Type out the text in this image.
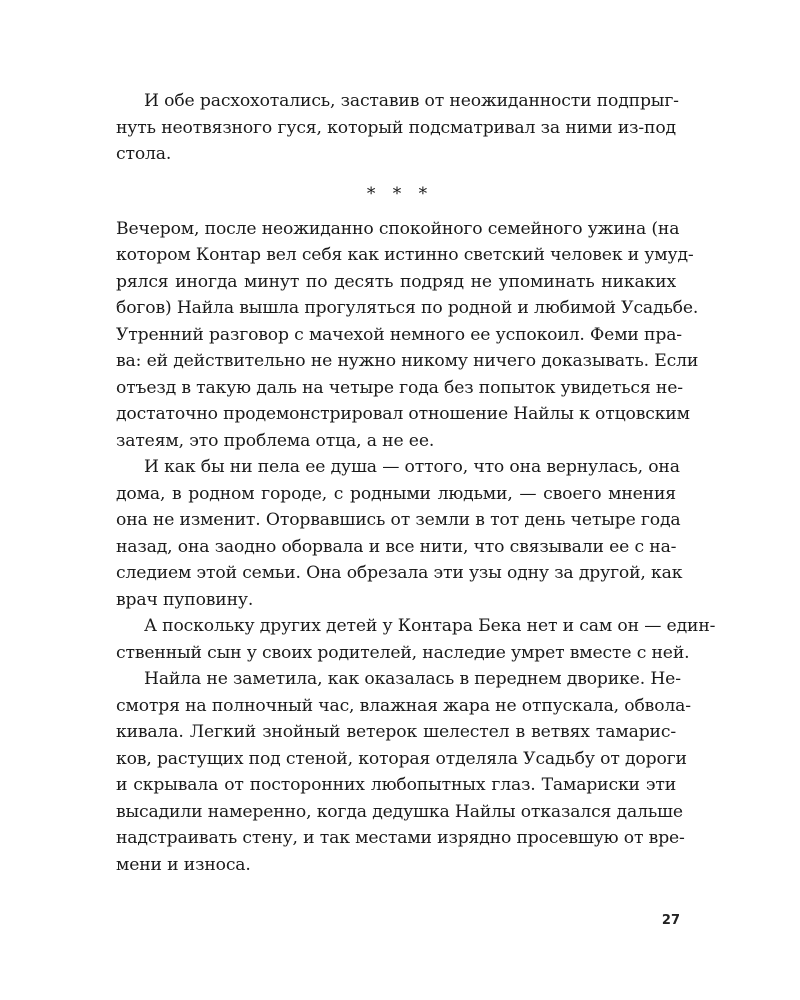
И обе расхохотались, заставив от неожиданности подпрыг-
нуть неотвязного гуся, который подсматривал за ними из-под
стола.
* * *
Вечером, после неожиданно спокойного семейного ужина (на
котором Контар вел себя как истинно светский человек и умуд-
рялся иногда минут по десять подряд не упоминать никаких
богов) Найла вышла прогуляться по родной и любимой Усадьбе.
Утренний разговор с мачехой немного ее успокоил. Феми пра-
ва: ей действительно не нужно никому ничего доказывать. Если
отъезд в такую даль на четыре года без попыток увидеться не-
достаточно продемонстрировал отношение Найлы к отцовским
затеям, это проблема отца, а не ее.
И как бы ни пела ее душа — оттого, что она вернулась, она
дома, в родном городе, с родными людьми, — своего мнения
она не изменит. Оторвавшись от земли в тот день четыре года
назад, она заодно оборвала и все нити, что связывали ее с на-
следием этой семьи. Она обрезала эти узы одну за другой, как
врач пуповину.
А поскольку других детей у Контара Бека нет и сам он — един-
ственный сын у своих родителей, наследие умрет вместе с ней.
Найла не заметила, как оказалась в переднем дворике. Не-
смотря на полночный час, влажная жара не отпускала, обвола-
кивала. Легкий знойный ветерок шелестел в ветвях тамарис-
ков, растущих под стеной, которая отделяла Усадьбу от дороги
и скрывала от посторонних любопытных глаз. Тамариски эти
высадили намеренно, когда дедушка Найлы отказался дальше
надстраивать стену, и так местами изрядно просевшую от вре-
мени и износа.
27
